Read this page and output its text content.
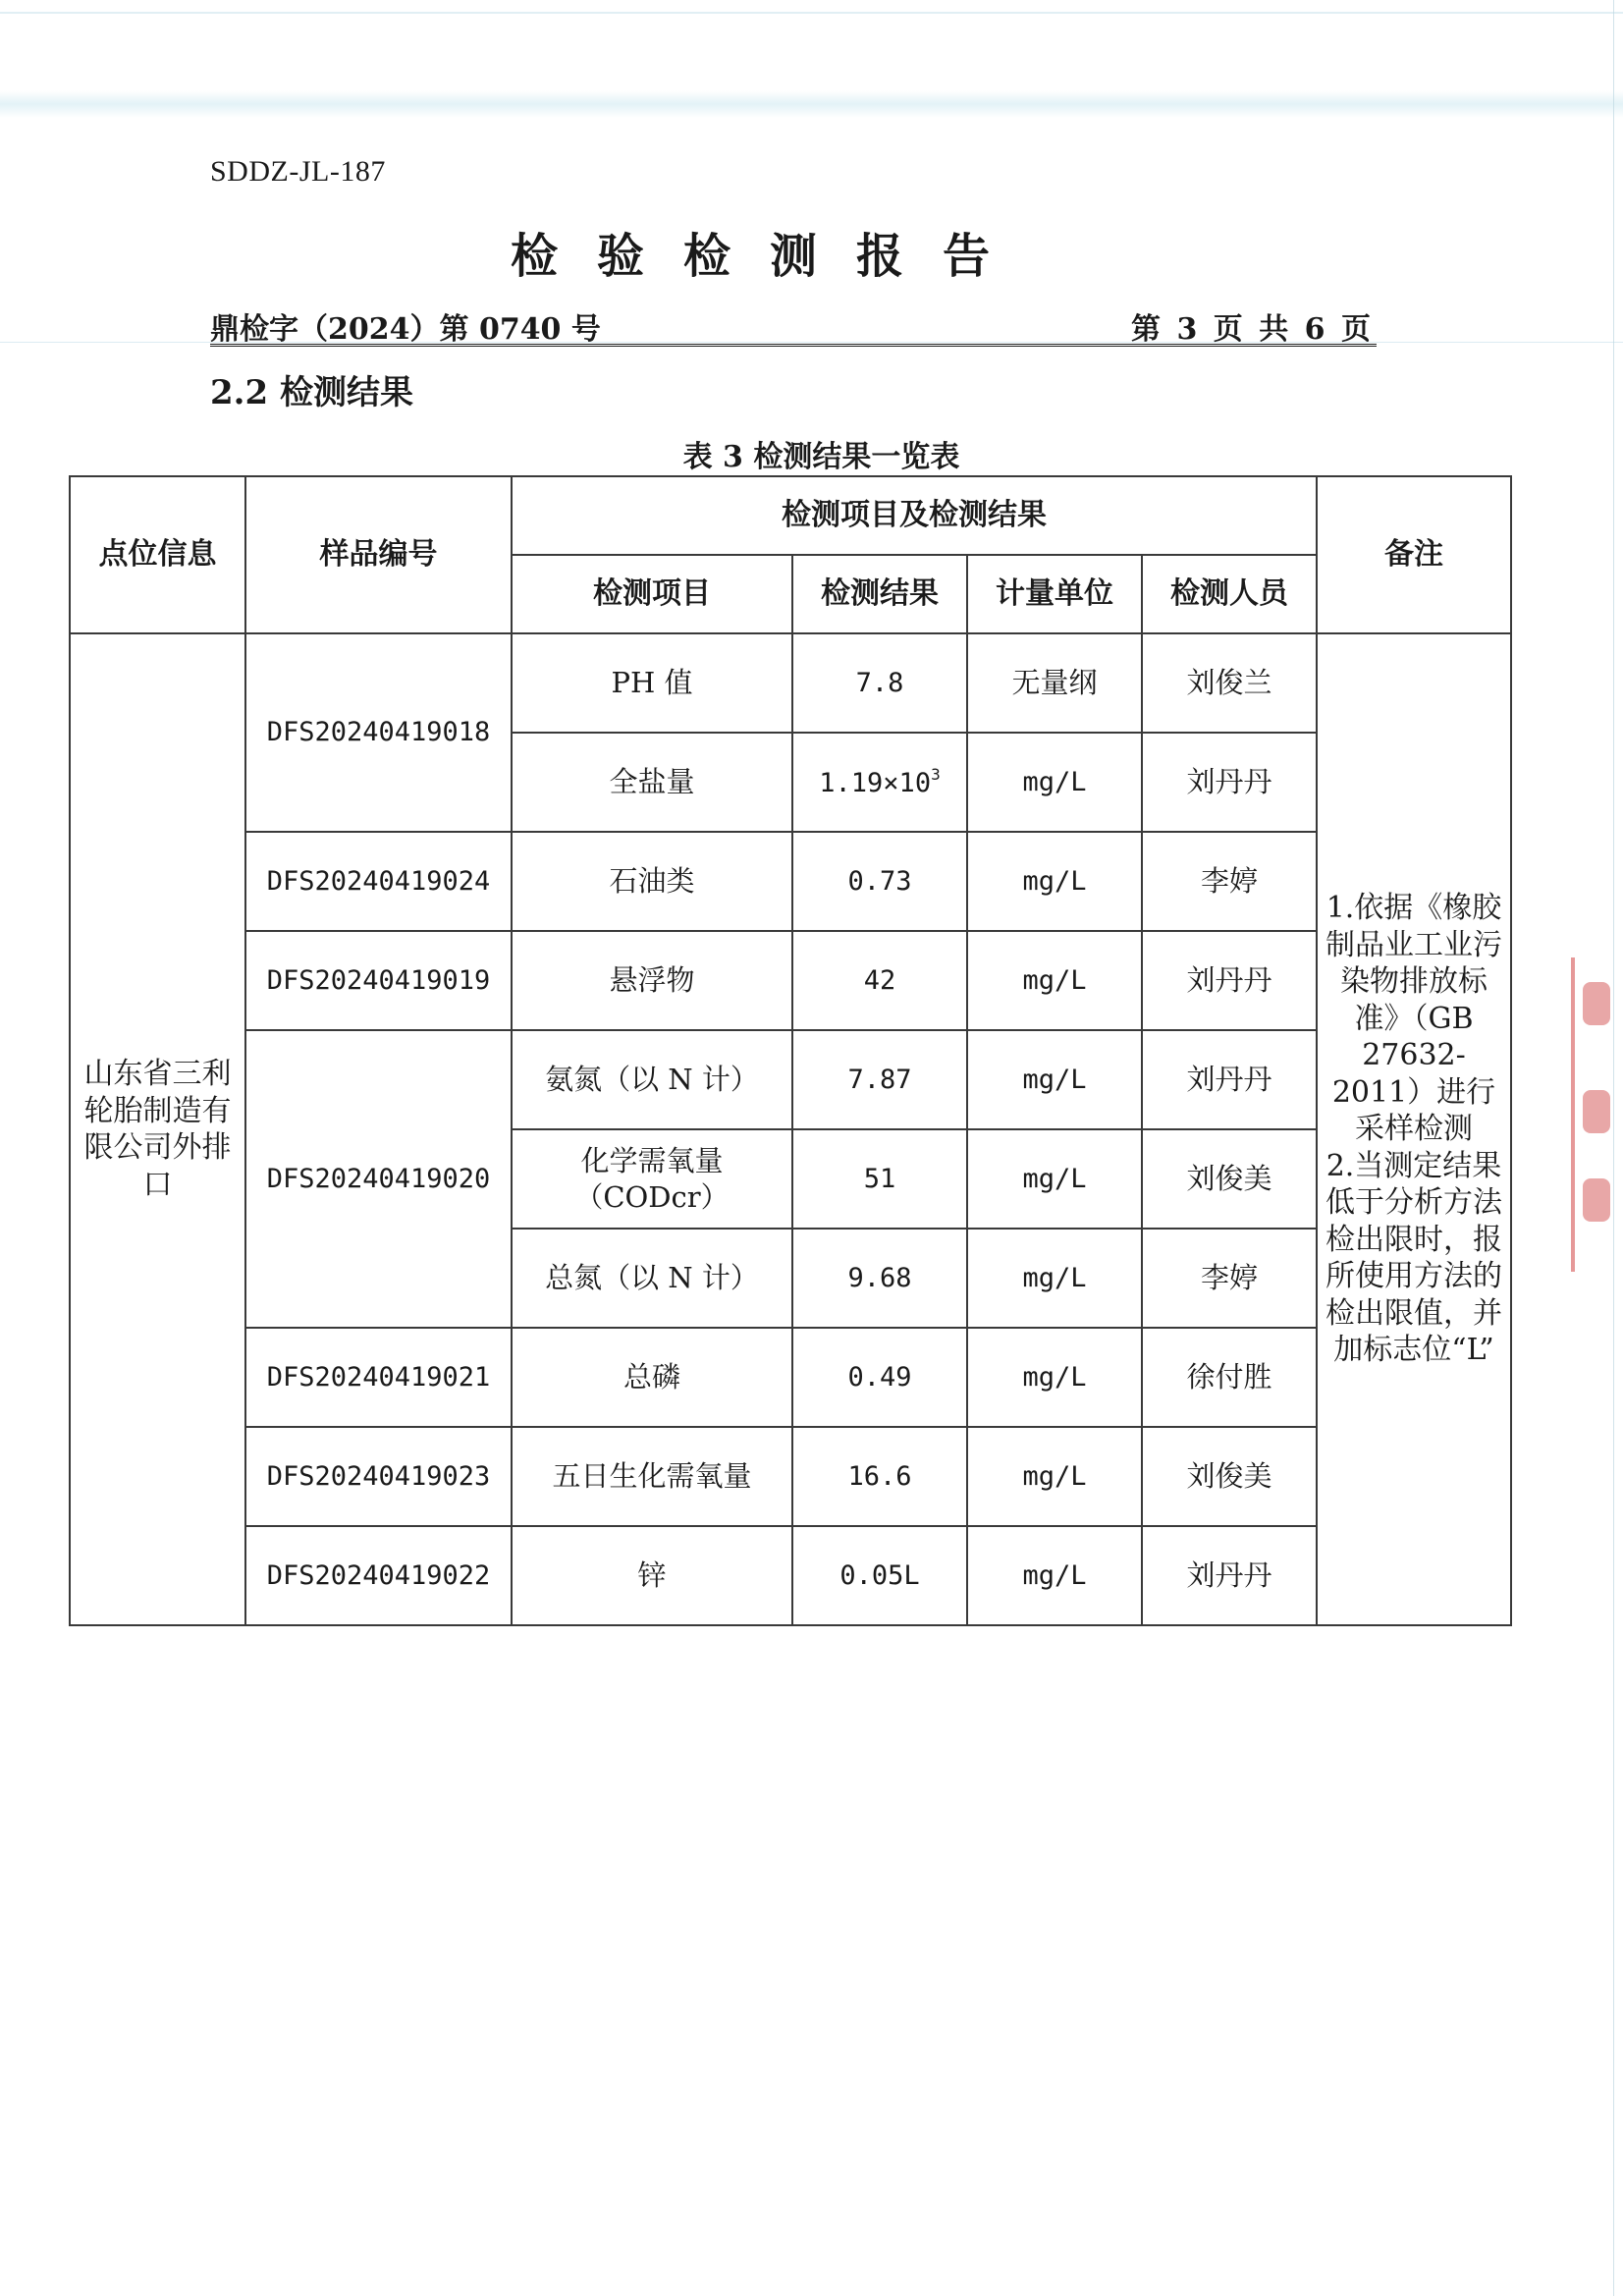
SDDZ-JL-187
检验检测报告
鼎检字（2024）第 0740 号	第 3 页 共 6 页
2.2 检测结果
表 3 检测结果一览表
点位信息	样品编号	检测项目及检测结果				备注
		检测项目	检测结果	计量单位	检测人员	
山东省三利轮胎制造有限公司外排口	DFS20240419018	PH 值	7.8	无量纲	刘俊兰	1.依据《橡胶制品业工业污染物排放标准》（GB 27632-2011）进行采样检测
2.当测定结果低于分析方法检出限时，报所使用方法的检出限值，并加标志位“L”
		全盐量	$1.19\times 10^3$	mg/L	刘丹丹	
	DFS20240419024	石油类	0.73	mg/L	李婷	
	DFS20240419019	悬浮物	42	mg/L	刘丹丹	
	DFS20240419020	氨氮（以 N 计）	7.87	mg/L	刘丹丹	
		化学需氧量（CODcr）	51	mg/L	刘俊美	
		总氮（以 N 计）	9.68	mg/L	李婷	
	DFS20240419021	总磷	0.49	mg/L	徐付胜	
	DFS20240419023	五日生化需氧量	16.6	mg/L	刘俊美	
	DFS20240419022	锌	0.05L	mg/L	刘丹丹	
